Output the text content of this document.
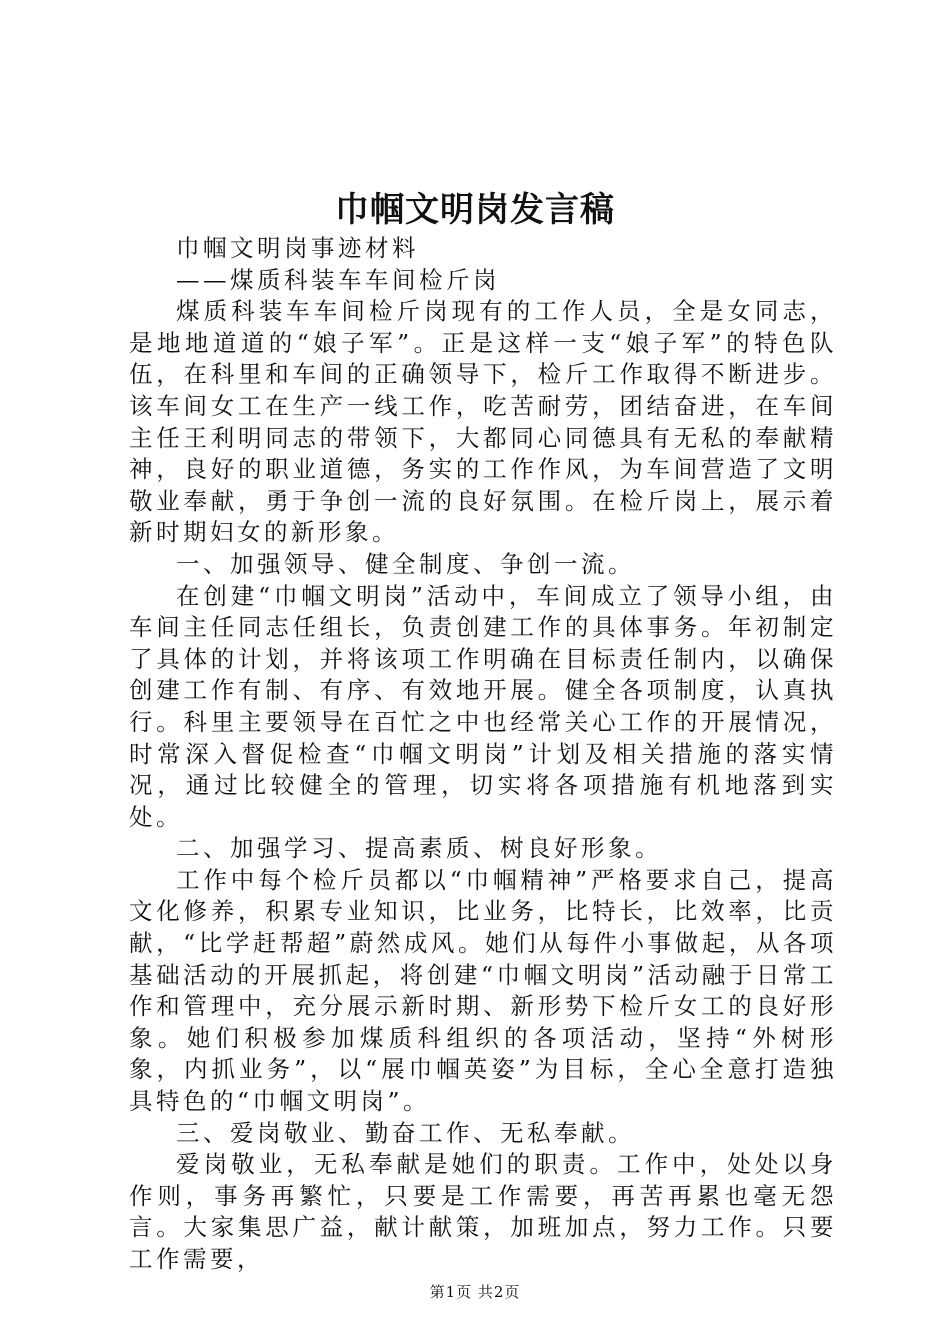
巾帼文明岗发言稿

巾帼文明岗事迹材料

——煤质科装车车间检斤岗

煤质科装车车间检斤岗现有的工作人员，全是女同志，是地地道道的“娘子军”。正是这样一支“娘子军”的特色队伍，在科里和车间的正确领导下，检斤工作取得不断进步。该车间女工在生产一线工作，吃苦耐劳，团结奋进，在车间主任王利明同志的带领下，大都同心同德具有无私的奉献精神，良好的职业道德，务实的工作作风，为车间营造了文明敬业奉献，勇于争创一流的良好氛围。在检斤岗上，展示着新时期妇女的新形象。

一、加强领导、健全制度、争创一流。

在创建“巾帼文明岗”活动中，车间成立了领导小组，由车间主任同志任组长，负责创建工作的具体事务。年初制定了具体的计划，并将该项工作明确在目标责任制内，以确保创建工作有制、有序、有效地开展。健全各项制度，认真执行。科里主要领导在百忙之中也经常关心工作的开展情况，时常深入督促检查“巾帼文明岗”计划及相关措施的落实情况，通过比较健全的管理，切实将各项措施有机地落到实处。

二、加强学习、提高素质、树良好形象。

工作中每个检斤员都以“巾帼精神”严格要求自己，提高文化修养，积累专业知识，比业务，比特长，比效率，比贡献，“比学赶帮超”蔚然成风。她们从每件小事做起，从各项基础活动的开展抓起，将创建“巾帼文明岗”活动融于日常工作和管理中，充分展示新时期、新形势下检斤女工的良好形象。她们积极参加煤质科组织的各项活动，坚持“外树形象，内抓业务”，以“展巾帼英姿”为目标，全心全意打造独具特色的“巾帼文明岗”。

三、爱岗敬业、勤奋工作、无私奉献。

爱岗敬业，无私奉献是她们的职责。工作中，处处以身作则，事务再繁忙，只要是工作需要，再苦再累也毫无怨言。大家集思广益，献计献策，加班加点，努力工作。只要工作需要，

第1页 共2页
